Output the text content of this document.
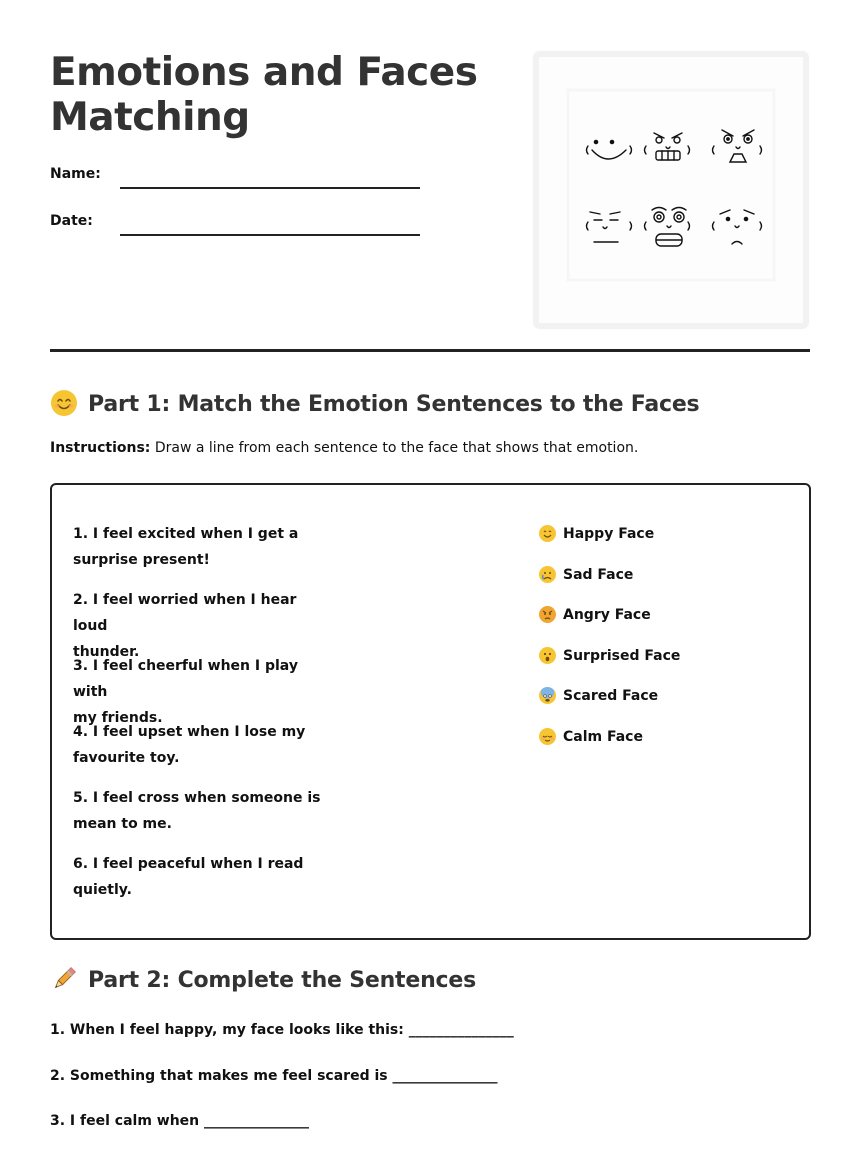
Emotions and Faces Matching
Name:
Date:
Part 1: Match the Emotion Sentences to the Faces
Instructions: Draw a line from each sentence to the face that shows that emotion.
1. I feel excited when I get a
surprise present!
2. I feel worried when I hear loud
thunder.
3. I feel cheerful when I play with
my friends.
4. I feel upset when I lose my
favourite toy.
5. I feel cross when someone is
mean to me.
6. I feel peaceful when I read
quietly.
Happy Face
Sad Face
Angry Face
Surprised Face
Scared Face
Calm Face
Part 2: Complete the Sentences
1. When I feel happy, my face looks like this: _______________
2. Something that makes me feel scared is _______________
3. I feel calm when _______________
